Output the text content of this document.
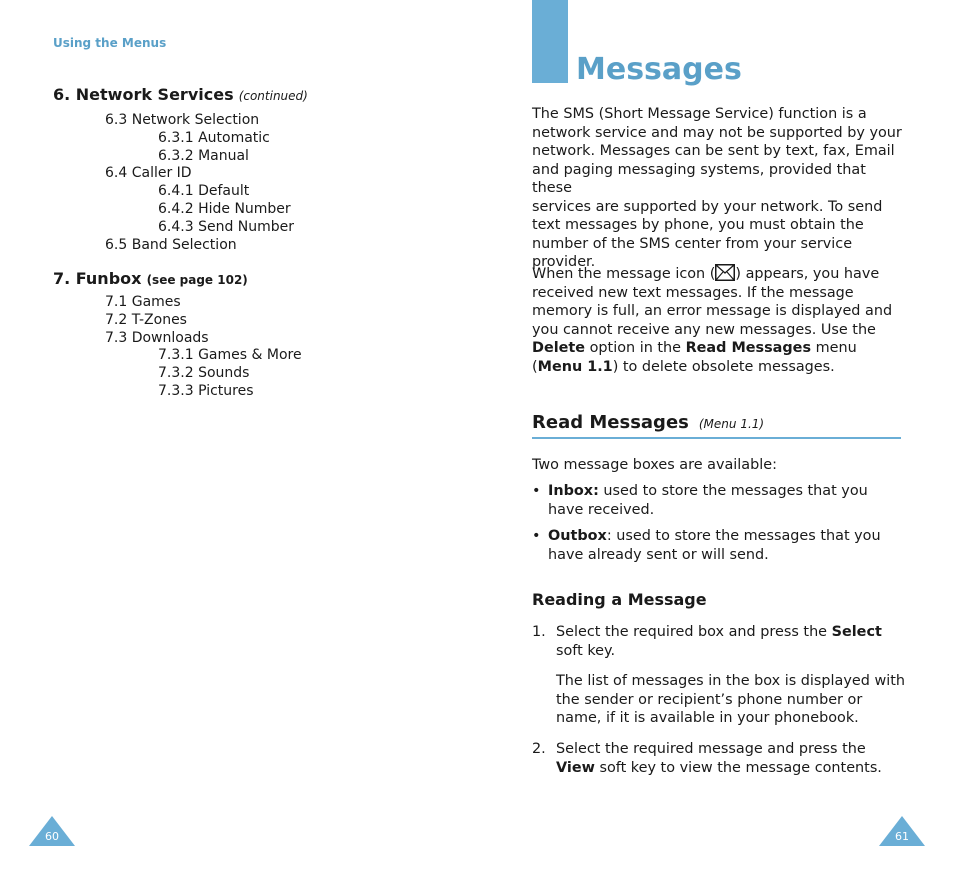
Using the Menus
6. Network Services (continued)
6.3 Network Selection
6.3.1 Automatic
6.3.2 Manual
6.4 Caller ID
6.4.1 Default
6.4.2 Hide Number
6.4.3 Send Number
6.5 Band Selection
7. Funbox (see page 102)
7.1 Games
7.2 T-Zones
7.3 Downloads
7.3.1 Games & More
7.3.2 Sounds
7.3.3 Pictures
60
Messages
The SMS (Short Message Service) function is a
network service and may not be supported by your
network. Messages can be sent by text, fax, Email
and paging messaging systems, provided that these
services are supported by your network. To send
text messages by phone, you must obtain the
number of the SMS center from your service
provider.
When the message icon ( ) appears, you have
received new text messages. If the message
memory is full, an error message is displayed and
you cannot receive any new messages. Use the
Delete option in the Read Messages menu
(Menu 1.1) to delete obsolete messages.
Read Messages (Menu 1.1)
Two message boxes are available:
• Inbox: used to store the messages that you
have received.
• Outbox: used to store the messages that you
have already sent or will send.
Reading a Message
1. Select the required box and press the Select
soft key.
The list of messages in the box is displayed with
the sender or recipient’s phone number or
name, if it is available in your phonebook.
2. Select the required message and press the
View soft key to view the message contents.
61
